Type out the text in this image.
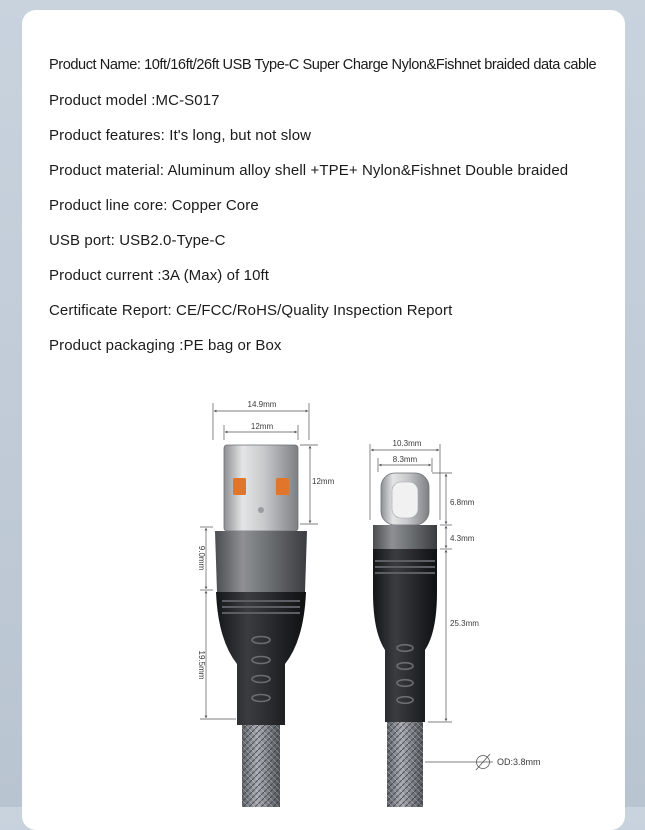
Product Name: 10ft/16ft/26ft USB Type-C Super Charge Nylon&Fishnet braided data cable

Product model :MC-S017

Product features: It's long, but not slow

Product material: Aluminum alloy shell +TPE+ Nylon&Fishnet Double braided

Product line core: Copper Core

USB port: USB2.0-Type-C

Product current :3A (Max) of 10ft

Certificate Report: CE/FCC/RoHS/Quality Inspection Report

Product packaging :PE bag or Box

14.9mm
12mm
12mm
9.0mm
19.5mm
10.3mm
8.3mm
6.8mm
4.3mm
25.3mm
OD:3.8mm
